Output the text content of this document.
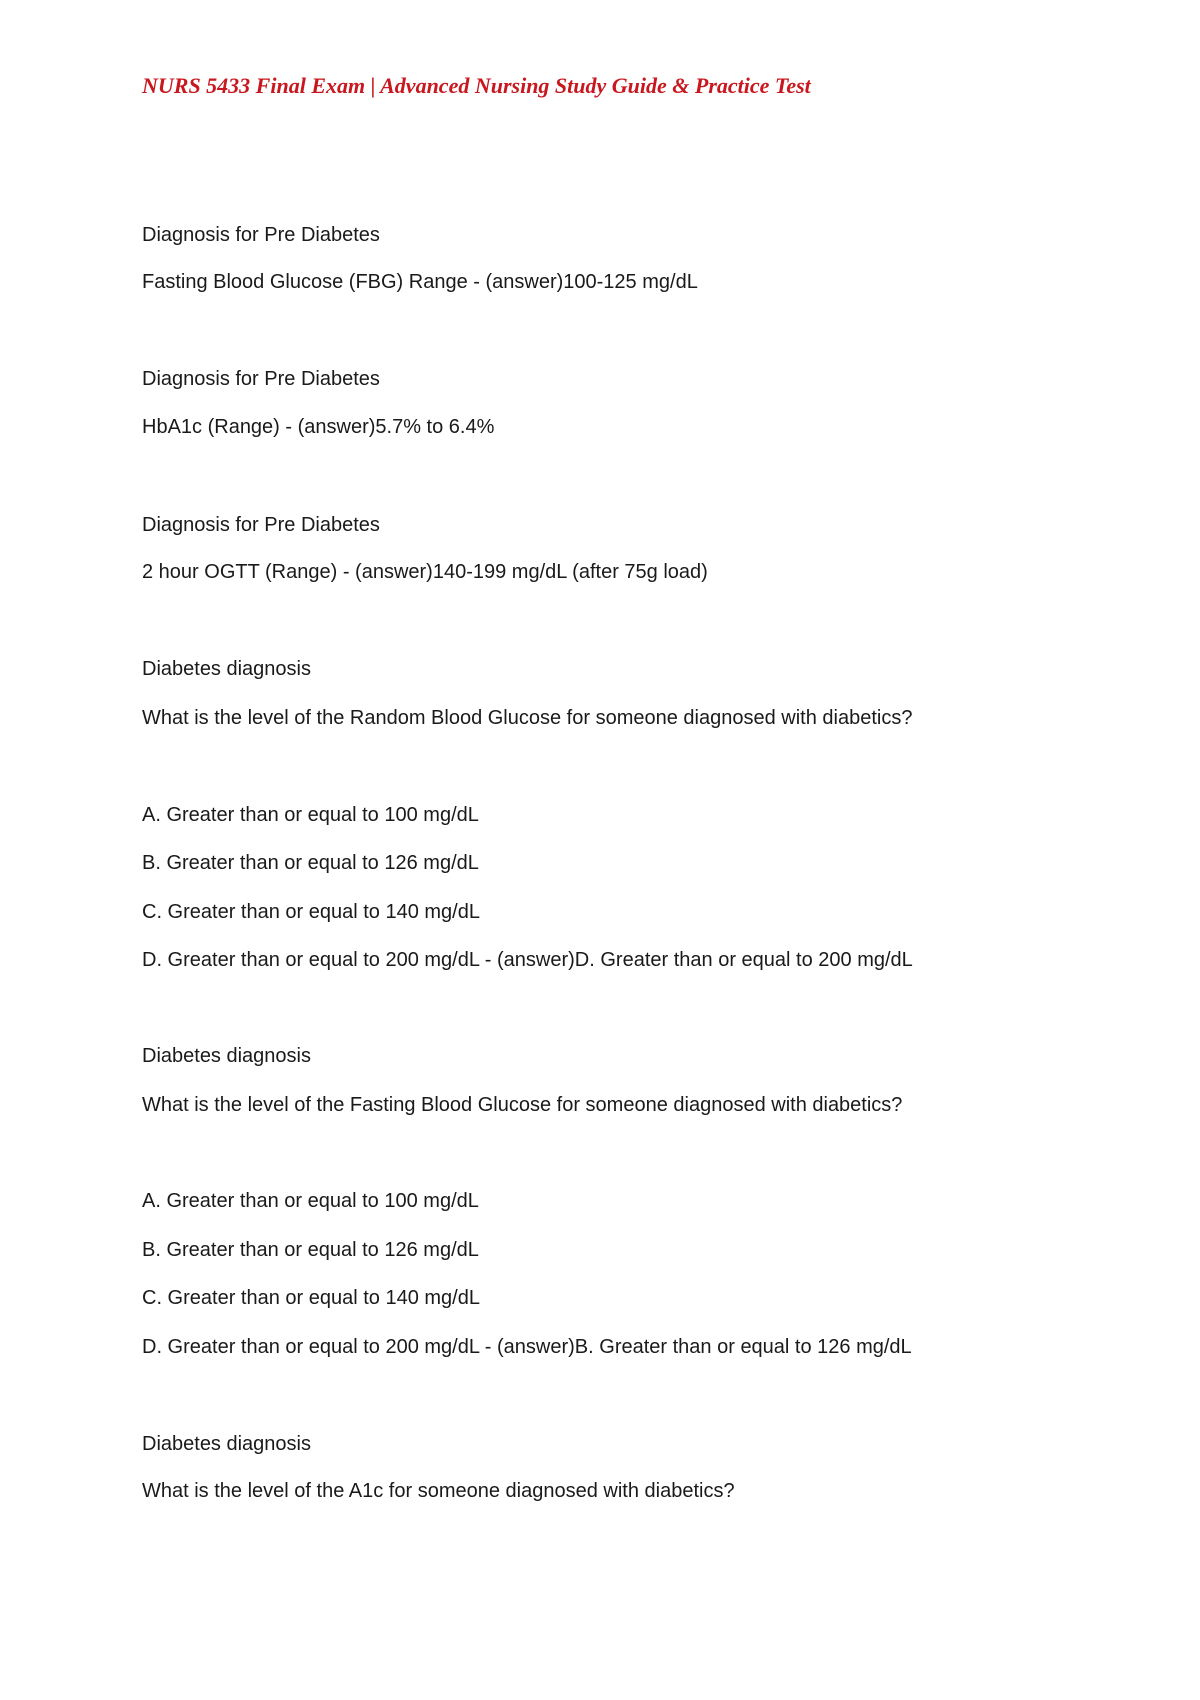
NURS 5433 Final Exam | Advanced Nursing Study Guide & Practice Test

Diagnosis for Pre Diabetes

Fasting Blood Glucose (FBG) Range - (answer)100-125 mg/dL

Diagnosis for Pre Diabetes

HbA1c (Range) - (answer)5.7% to 6.4%

Diagnosis for Pre Diabetes

2 hour OGTT (Range) - (answer)140-199 mg/dL (after 75g load)

Diabetes diagnosis

What is the level of the Random Blood Glucose for someone diagnosed with diabetics?

A. Greater than or equal to 100 mg/dL

B. Greater than or equal to 126 mg/dL

C. Greater than or equal to 140 mg/dL

D. Greater than or equal to 200 mg/dL - (answer)D. Greater than or equal to 200 mg/dL

Diabetes diagnosis

What is the level of the Fasting Blood Glucose for someone diagnosed with diabetics?

A. Greater than or equal to 100 mg/dL

B. Greater than or equal to 126 mg/dL

C. Greater than or equal to 140 mg/dL

D. Greater than or equal to 200 mg/dL - (answer)B. Greater than or equal to 126 mg/dL

Diabetes diagnosis

What is the level of the A1c for someone diagnosed with diabetics?
